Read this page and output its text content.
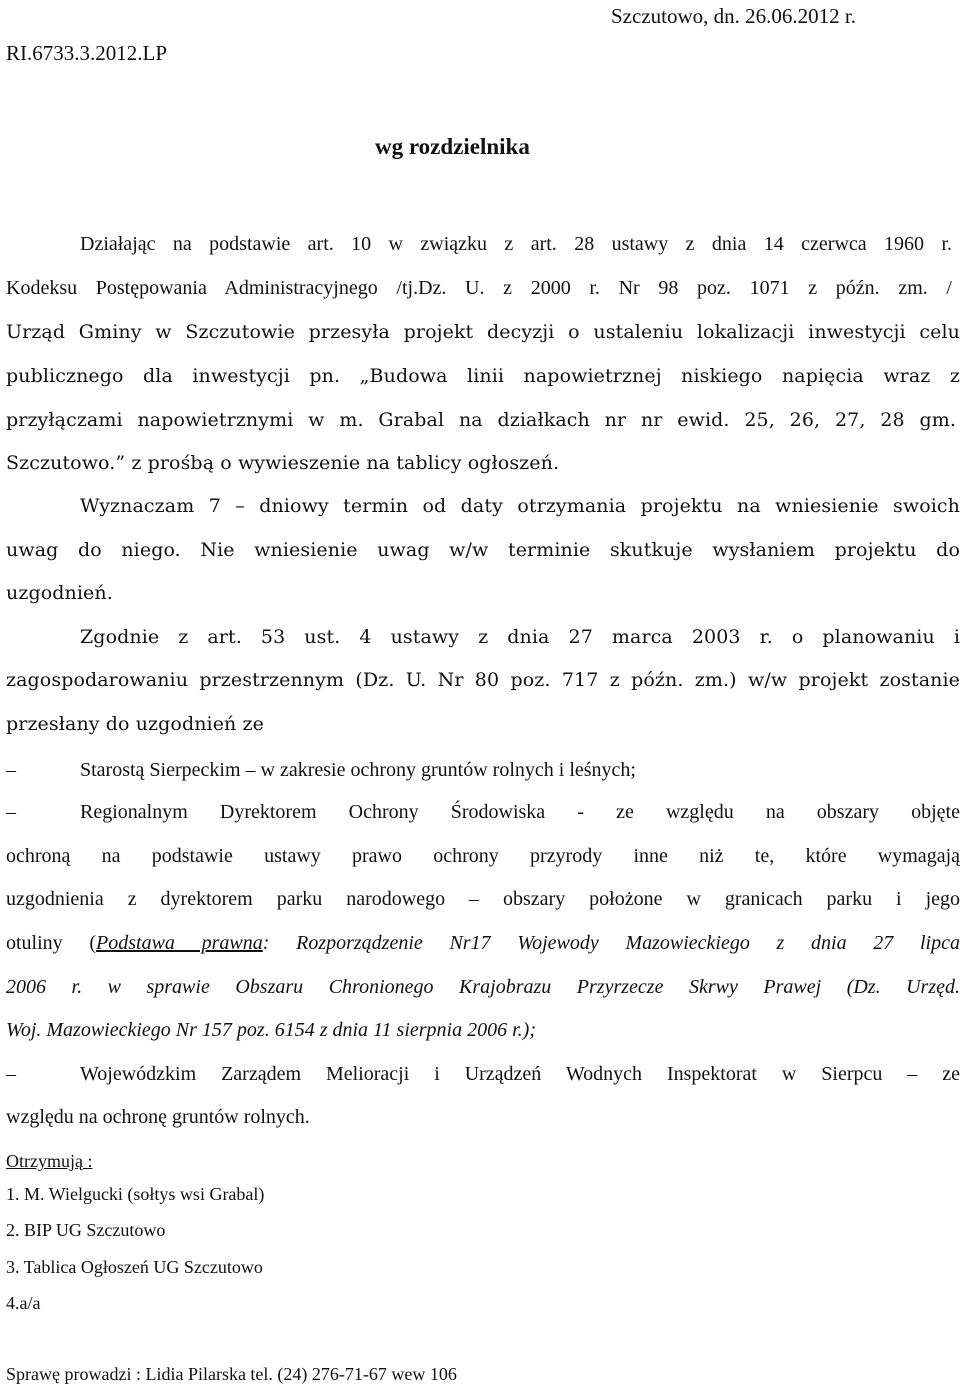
Szczutowo, dn. 26.06.2012 r.
RI.6733.3.2012.LP
wg rozdzielnika
Działając na podstawie art. 10 w związku z art. 28 ustawy z dnia 14 czerwca 1960 r.
Kodeksu Postępowania Administracyjnego /tj.Dz. U. z 2000 r. Nr 98 poz. 1071 z późn. zm. /
Urząd Gminy w Szczutowie przesyła projekt decyzji o ustaleniu lokalizacji inwestycji celu
publicznego dla inwestycji pn. „Budowa linii napowietrznej niskiego napięcia wraz z
przyłączami napowietrznymi w m. Grabal na działkach nr nr ewid. 25, 26, 27, 28 gm.
Szczutowo.” z prośbą o wywieszenie na tablicy ogłoszeń.
Wyznaczam 7 – dniowy termin od daty otrzymania projektu na wniesienie swoich
uwag do niego. Nie wniesienie uwag w/w terminie skutkuje wysłaniem projektu do
uzgodnień.
Zgodnie z art. 53 ust. 4 ustawy z dnia 27 marca 2003 r. o planowaniu i
zagospodarowaniu przestrzennym (Dz. U. Nr 80 poz. 717 z późn. zm.) w/w projekt zostanie
przesłany do uzgodnień ze
–	Starostą Sierpeckim – w zakresie ochrony gruntów rolnych i leśnych;
–	Regionalnym Dyrektorem Ochrony Środowiska - ze względu na obszary objęte
ochroną na podstawie ustawy prawo ochrony przyrody inne niż te, które wymagają
uzgodnienia z dyrektorem parku narodowego – obszary położone w granicach parku i jego
otuliny (Podstawa prawna: Rozporządzenie Nr17 Wojewody Mazowieckiego z dnia 27 lipca
2006 r. w sprawie Obszaru Chronionego Krajobrazu Przyrzecze Skrwy Prawej (Dz. Urzęd.
Woj. Mazowieckiego Nr 157 poz. 6154 z dnia 11 sierpnia 2006 r.);
–	Wojewódzkim Zarządem Melioracji i Urządzeń Wodnych Inspektorat w Sierpcu – ze
względu na ochronę gruntów rolnych.
Otrzymują :
1. M. Wielgucki (sołtys wsi Grabal)
2. BIP UG Szczutowo
3. Tablica Ogłoszeń UG Szczutowo
4.a/a
Sprawę prowadzi : Lidia Pilarska tel. (24) 276-71-67 wew 106
